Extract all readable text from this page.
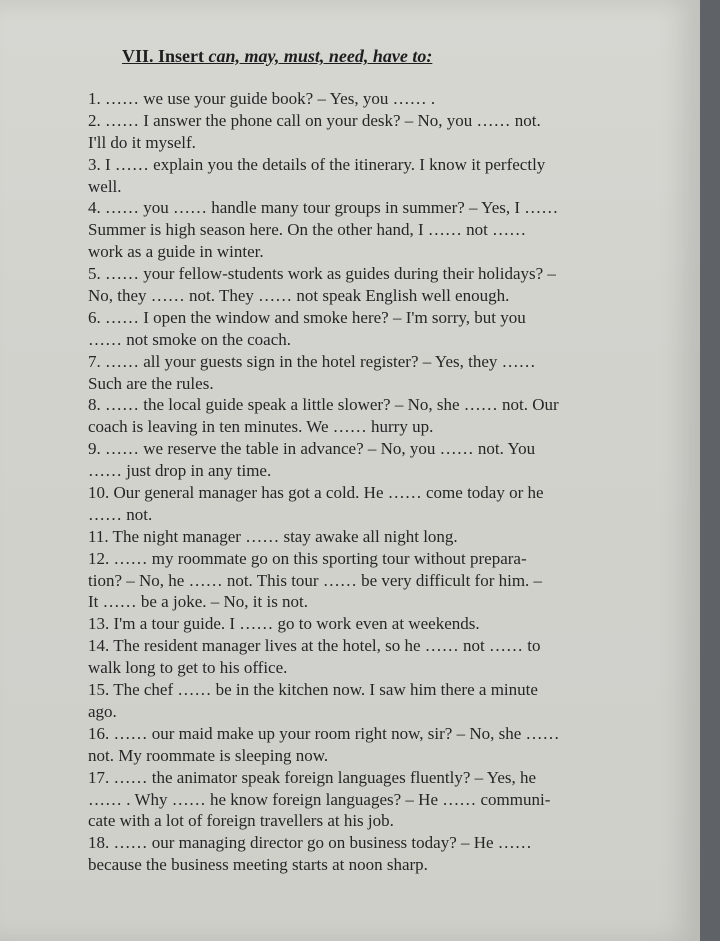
VII. Insert can, may, must, need, have to:
1. …… we use your guide book? – Yes, you …… .
2. …… I answer the phone call on your desk? – No, you …… not.
I'll do it myself.
3. I …… explain you the details of the itinerary. I know it perfectly
well.
4. …… you …… handle many tour groups in summer? – Yes, I ……
Summer is high season here. On the other hand, I …… not ……
work as a guide in winter.
5. …… your fellow-students work as guides during their holidays? –
No, they …… not. They …… not speak English well enough.
6. …… I open the window and smoke here? – I'm sorry, but you
…… not smoke on the coach.
7. …… all your guests sign in the hotel register? – Yes, they ……
Such are the rules.
8. …… the local guide speak a little slower? – No, she …… not. Our
coach is leaving in ten minutes. We …… hurry up.
9. …… we reserve the table in advance? – No, you …… not. You
…… just drop in any time.
10. Our general manager has got a cold. He …… come today or he
…… not.
11. The night manager …… stay awake all night long.
12. …… my roommate go on this sporting tour without prepara-
tion? – No, he …… not. This tour …… be very difficult for him. –
It …… be a joke. – No, it is not.
13. I'm a tour guide. I …… go to work even at weekends.
14. The resident manager lives at the hotel, so he …… not …… to
walk long to get to his office.
15. The chef …… be in the kitchen now. I saw him there a minute
ago.
16. …… our maid make up your room right now, sir? – No, she ……
not. My roommate is sleeping now.
17. …… the animator speak foreign languages fluently? – Yes, he
…… . Why …… he know foreign languages? – He …… communi-
cate with a lot of foreign travellers at his job.
18. …… our managing director go on business today? – He ……
because the business meeting starts at noon sharp.
